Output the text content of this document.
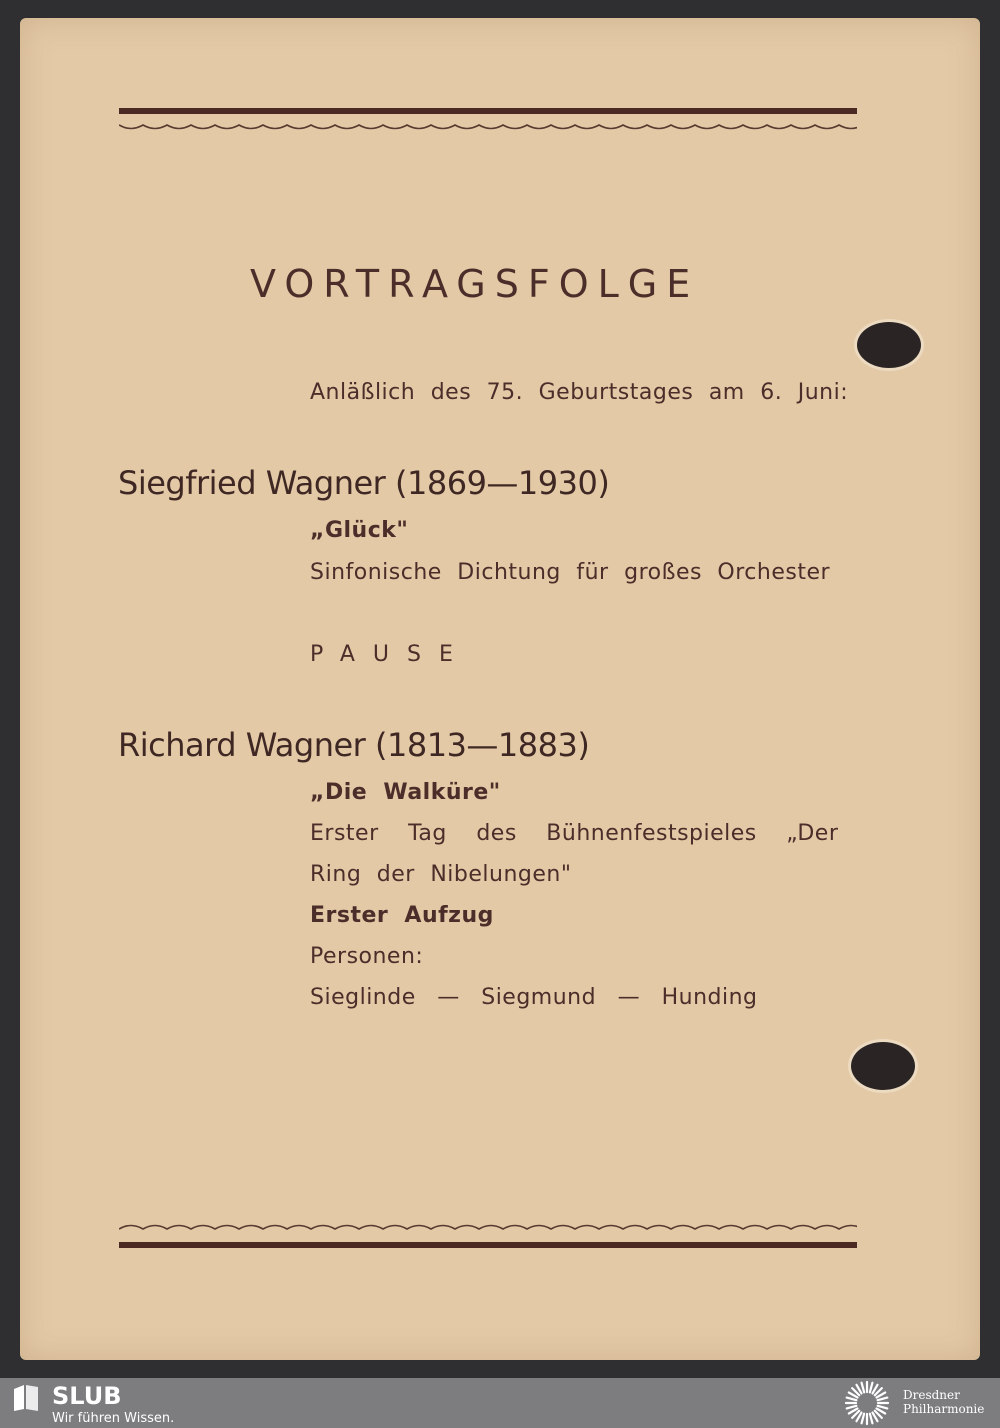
VORTRAGSFOLGE
Anläßlich des 75. Geburtstages am 6. Juni:
Siegfried Wagner (1869—1930)
„Glück"
Sinfonische Dichtung für großes Orchester
PAUSE
Richard Wagner (1813—1883)
„Die Walküre"
Erster Tag des Bühnenfestspieles „Der
Ring der Nibelungen"
Erster Aufzug
Personen:
Sieglinde — Siegmund — Hunding
SLUB
Wir führen Wissen.
Dresdner
Philharmonie
